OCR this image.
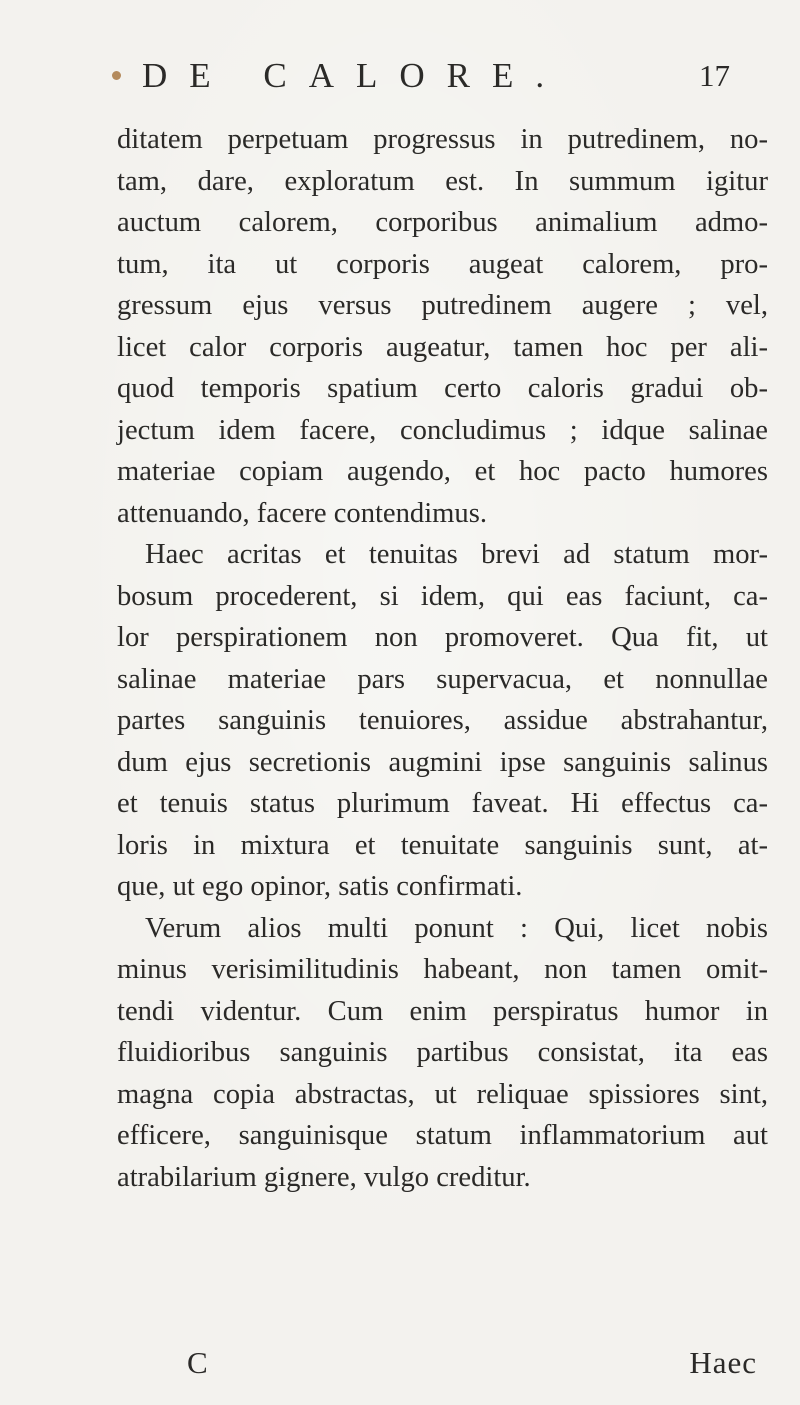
DE CALORE.	17
ditatem perpetuam progressus in putredinem, no-
tam, dare, exploratum est. In summum igitur
auctum calorem, corporibus animalium admo-
tum, ita ut corporis augeat calorem, pro-
gressum ejus versus putredinem augere ; vel,
licet calor corporis augeatur, tamen hoc per ali-
quod temporis spatium certo caloris gradui ob-
jectum idem facere, concludimus ; idque salinae
materiae copiam augendo, et hoc pacto humores
attenuando, facere contendimus.
Haec acritas et tenuitas brevi ad statum mor-
bosum procederent, si idem, qui eas faciunt, ca-
lor perspirationem non promoveret. Qua fit, ut
salinae materiae pars supervacua, et nonnullae
partes sanguinis tenuiores, assidue abstrahantur,
dum ejus secretionis augmini ipse sanguinis salinus
et tenuis status plurimum faveat. Hi effectus ca-
loris in mixtura et tenuitate sanguinis sunt, at-
que, ut ego opinor, satis confirmati.
Verum alios multi ponunt : Qui, licet nobis
minus verisimilitudinis habeant, non tamen omit-
tendi videntur. Cum enim perspiratus humor in
fluidioribus sanguinis partibus consistat, ita eas
magna copia abstractas, ut reliquae spissiores sint,
efficere, sanguinisque statum inflammatorium aut
atrabilarium gignere, vulgo creditur.
C	Haec
